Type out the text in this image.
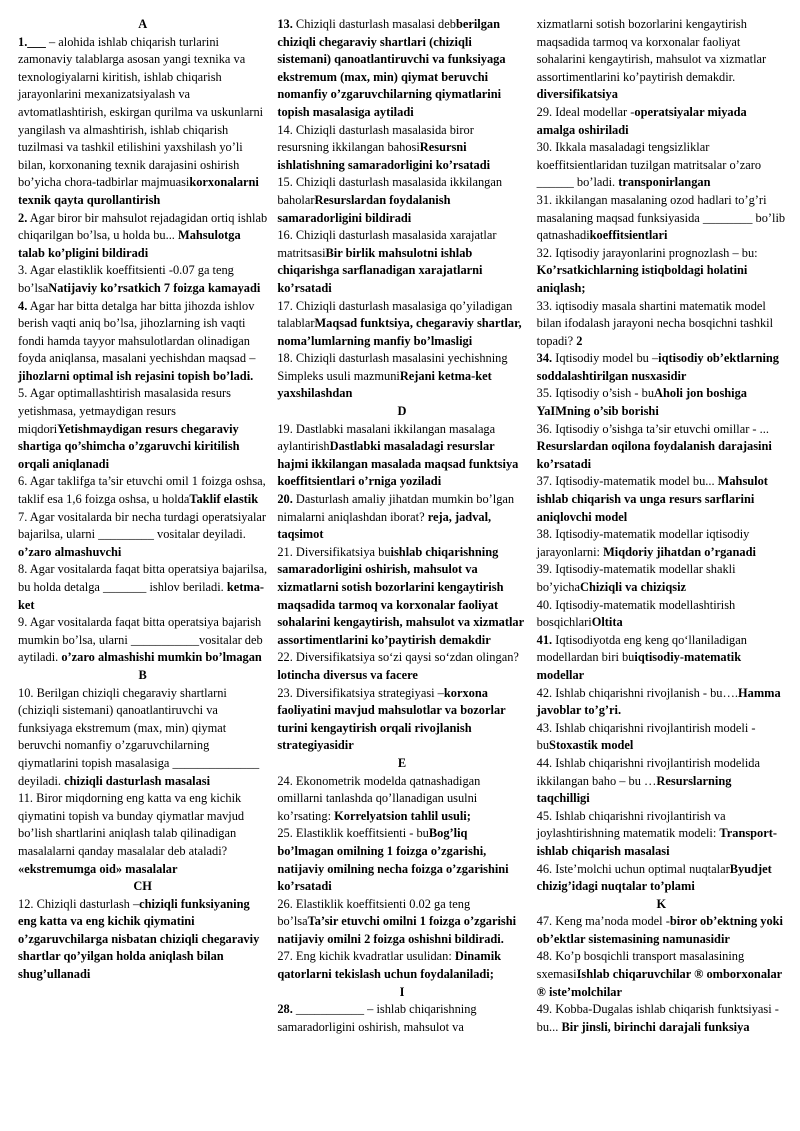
A
1.___ – alohida ishlab chiqarish turlarini zamonaviy talablarga asosan yangi texnika va texnologiyalarni kiritish, ishlab chiqarish jarayonlarini mexanizatsiyalash va avtomatlashtirish, eskirgan qurilma va uskunlarni yangilash va almashtirish, ishlab chiqarish tuzilmasi va tashkil etilishini yaxshilash yo’li bilan, korxonaning texnik darajasini oshirish bo’yicha chora-tadbirlar majmuasikorxonalarni texnik qayta qurollantirish
2. Agar biror bir mahsulot rejadagidan ortiq ishlab chiqarilgan bo’lsa, u holda bu... Mahsulotga talab ko’pligini bildiradi
3. Agar elastiklik koeffitsienti -0.07 ga teng bo’lsaNatijaviy ko’rsatkich 7 foizga kamayadi
4. Agar har bitta detalga har bitta jihozda ishlov berish vaqti aniq bo’lsa, jihozlarning ish vaqti fondi hamda tayyor mahsulotlardan olinadigan foyda aniqlansa, masalani yechishdan maqsad –jihozlarni optimal ish rejasini topish bo’ladi.
5. Agar optimallashtirish masalasida resurs yetishmasa, yetmaydigan resurs miqdoriYetishmaydigan resurs chegaraviy shartiga qo’shimcha o’zgaruvchi kiritilish orqali aniqlanadi
6. Agar taklifga ta’sir etuvchi omil 1 foizga oshsa, taklif esa 1,6 foizga oshsa, u holdaTaklif elastik
7. Agar vositalarda bir necha turdagi operatsiyalar bajarilsa, ularni _________ vositalar deyiladi. o’zaro almashuvchi
8. Agar vositalarda faqat bitta operatsiya bajarilsa, bu holda detalga _______ ishlov beriladi. ketma-ket
9. Agar vositalarda faqat bitta operatsiya bajarish mumkin bo’lsa, ularni ___________vositalar deb aytiladi. o’zaro almashishi mumkin bo’lmagan
B
10. Berilgan chiziqli chegaraviy shartlarni (chiziqli sistemani) qanoatlantiruvchi va funksiyaga ekstremum (max, min) qiymat beruvchi nomanfiy o’zgaruvchilarning qiymatlarini topish masalasiga ______________ deyiladi. chiziqli dasturlash masalasi
11. Biror miqdorning eng katta va eng kichik qiymatini topish va bunday qiymatlar mavjud bo’lish shartlarini aniqlash talab qilinadigan masalalarni qanday masalalar deb ataladi? «ekstremumga oid» masalalar
CH
12. Chiziqli dasturlash –chiziqli funksiyaning eng katta va eng kichik qiymatini o’zgaruvchilarga nisbatan chiziqli chegaraviy shartlar qo’yilgan holda aniqlash bilan shug’ullanadi
13. Chiziqli dasturlash masalasi debberilgan chiziqli chegaraviy shartlari (chiziqli sistemani) qanoatlantiruvchi va funksiyaga ekstremum (max, min) qiymat beruvchi nomanfiy o’zgaruvchilarning qiymatlarini topish masalasiga aytiladi
14. Chiziqli dasturlash masalasida biror resursning ikkilangan bahosiResursni ishlatishning samaradorligini ko’rsatadi
15. Chiziqli dasturlash masalasida ikkilangan baholarResurslardan foydalanish samaradorligini bildiradi
16. Chiziqli dasturlash masalasida xarajatlar matritsasiBir birlik mahsulotni ishlab chiqarishga sarflanadigan xarajatlarni ko’rsatadi
17. Chiziqli dasturlash masalasiga qo’yiladigan talablarMaqsad funktsiya, chegaraviy shartlar, noma’lumlarning manfiy bo’lmasligi
18. Chiziqli dasturlash masalasini yechishning Simpleks usuli mazmuniRejani ketma-ket yaxshilashdan
D
19. Dastlabki masalani ikkilangan masalaga aylantirishDastlabki masaladagi resurslar hajmi ikkilangan masalada maqsad funktsiya koeffitsientlari o’rniga yoziladi
20. Dasturlash amaliy jihatdan mumkin bo’lgan nimalarni aniqlashdan iborat? reja, jadval, taqsimot
21. Diversifikatsiya buishlab chiqarishning samaradorligini oshirish, mahsulot va xizmatlarni sotish bozorlarini kengaytirish maqsadida tarmoq va korxonalar faoliyat sohalarini kengaytirish, mahsulot va xizmatlar assortimentlarini ko’paytirish demakdir
22. Diversifikatsiya so‘zi qaysi so‘zdan olingan? lotincha diversus va facere
23. Diversifikatsiya strategiyasi –korxona faoliyatini mavjud mahsulotlar va bozorlar turini kengaytirish orqali rivojlanish strategiyasidir
E
24. Ekonometrik modelda qatnashadigan omillarni tanlashda qo’llanadigan usulni ko’rsating: Korrelyatsion tahlil usuli;
25. Elastiklik koeffitsienti - buBog’liq bo’lmagan omilning 1 foizga o’zgarishi, natijaviy omilning necha foizga o’zgarishini ko’rsatadi
26. Elastiklik koeffitsienti 0.02 ga teng bo’lsaTa’sir etuvchi omilni 1 foizga o’zgarishi natijaviy omilni 2 foizga oshishni bildiradi.
27. Eng kichik kvadratlar usulidan: Dinamik qatorlarni tekislash uchun foydalaniladi;
I
28. ___________ – ishlab chiqarishning samaradorligini oshirish, mahsulot va
xizmatlarni sotish bozorlarini kengaytirish maqsadida tarmoq va korxonalar faoliyat sohalarini kengaytirish, mahsulot va xizmatlar assortimentlarini ko’paytirish demakdir. diversifikatsiya
29. Ideal modellar -operatsiyalar miyada amalga oshiriladi
30. Ikkala masaladagi tengsizliklar koeffitsientlaridan tuzilgan matritsalar o’zaro ______ bo’ladi. transponirlangan
31. ikkilangan masalaning ozod hadlari to’g’ri masalaning maqsad funksiyasida ________ bo’lib qatnashadikoeffitsientlari
32. Iqtisodiy jarayonlarini prognozlash – bu: Ko’rsatkichlarning istiqboldagi holatini aniqlash;
33. iqtisodiy masala shartini matematik model bilan ifodalash jarayoni necha bosqichni tashkil topadi? 2
34. Iqtisodiy model bu –iqtisodiy ob’ektlarning soddalashtirilgan nusxasidir
35. Iqtisodiy o’sish - buAholi jon boshiga YaIMning o’sib borishi
36. Iqtisodiy o’sishga ta’sir etuvchi omillar - ... Resurslardan oqilona foydalanish darajasini ko’rsatadi
37. Iqtisodiy-matematik model bu... Mahsulot ishlab chiqarish va unga resurs sarflarini aniqlovchi model
38. Iqtisodiy-matematik modellar iqtisodiy jarayonlarni: Miqdoriy jihatdan o’rganadi
39. Iqtisodiy-matematik modellar shakli bo’yichaChiziqli va chiziqsiz
40. Iqtisodiy-matematik modellashtirish bosqichlariOltita
41. Iqtisodiyotda eng keng qo‘llaniladigan modellardan biri buiqtisodiy-matematik modellar
42. Ishlab chiqarishni rivojlanish - bu….Hamma javoblar to’g’ri.
43. Ishlab chiqarishni rivojlantirish modeli - buStoxastik model
44. Ishlab chiqarishni rivojlantirish modelida ikkilangan baho – bu …Resurslarning taqchilligi
45. Ishlab chiqarishni rivojlantirish va joylashtirishning matematik modeli: Transport-ishlab chiqarish masalasi
46. Iste’molchi uchun optimal nuqtalarByudjet chizig’idagi nuqtalar to’plami
K
47. Keng ma’noda model -biror ob’ektning yoki ob’ektlar sistemasining namunasidir
48. Ko’p bosqichli transport masalasining sxemasiIshlab chiqaruvchilar ® omborxonalar ® iste’molchilar
49. Kobba-Dugalas ishlab chiqarish funktsiyasi - bu... Bir jinsli, birinchi darajali funksiya
